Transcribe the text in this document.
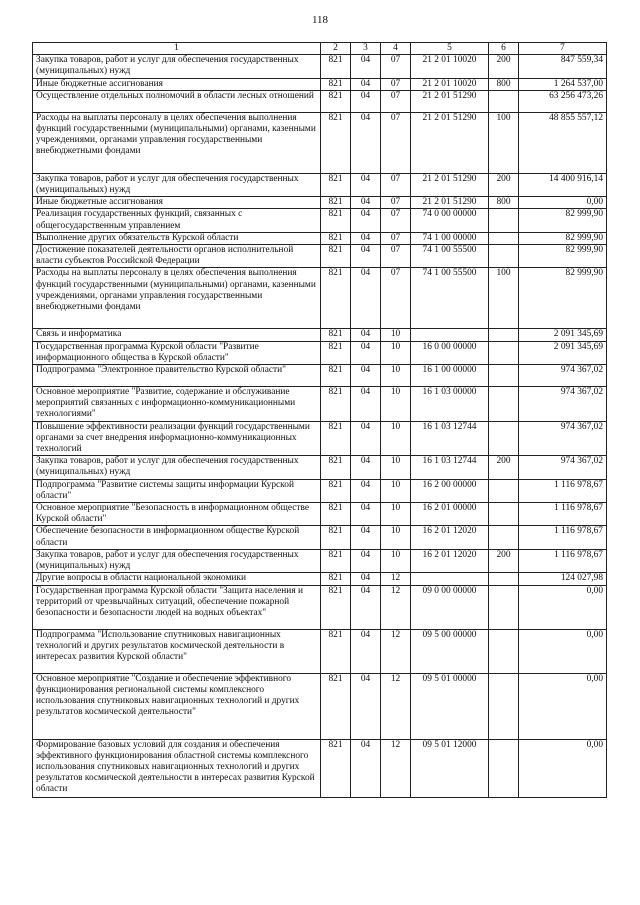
118
1	2	3	4	5	6	7
Закупка товаров, работ и услуг для обеспечения государственных (муниципальных) нужд	821	04	07	21 2 01 10020	200	847 559,34
Иные бюджетные ассигнования	821	04	07	21 2 01 10020	800	1 264 537,00
Осуществление отдельных полномочий в области лесных отношений	821	04	07	21 2 01 51290		63 256 473,26
Расходы на выплаты персоналу в целях обеспечения выполнения функций государственными (муниципальными) органами, казенными учреждениями, органами управления государственными внебюджетными фондами	821	04	07	21 2 01 51290	100	48 855 557,12
Закупка товаров, работ и услуг для обеспечения государственных (муниципальных) нужд	821	04	07	21 2 01 51290	200	14 400 916,14
Иные бюджетные ассигнования	821	04	07	21 2 01 51290	800	0,00
Реализация государственных функций, связанных с общегосударственным управлением	821	04	07	74 0 00 00000		82 999,90
Выполнение других обязательств Курской области	821	04	07	74 1 00 00000		82 999,90
Достижение показателей деятельности органов исполнительной власти субъектов Российской Федерации	821	04	07	74 1 00 55500		82 999,90
Расходы на выплаты персоналу в целях обеспечения выполнения функций государственными (муниципальными) органами, казенными учреждениями, органами управления государственными внебюджетными фондами	821	04	07	74 1 00 55500	100	82 999,90
Связь и информатика	821	04	10			2 091 345,69
Государственная программа Курской области "Развитие информационного общества в Курской области"	821	04	10	16 0 00 00000		2 091 345,69
Подпрограмма "Электронное правительство Курской области"	821	04	10	16 1 00 00000		974 367,02
Основное мероприятие "Развитие, содержание и обслуживание мероприятий связанных с информационно-коммуникационными технологиями"	821	04	10	16 1 03 00000		974 367,02
Повышение эффективности реализации функций государственными органами за счет внедрения информационно-коммуникационных технологий	821	04	10	16 1 03 12744		974 367,02
Закупка товаров, работ и услуг для обеспечения государственных (муниципальных) нужд	821	04	10	16 1 03 12744	200	974 367,02
Подпрограмма "Развитие системы защиты информации Курской области"	821	04	10	16 2 00 00000		1 116 978,67
Основное мероприятие "Безопасность в информационном обществе Курской области"	821	04	10	16 2 01 00000		1 116 978,67
Обеспечение безопасности в информационном обществе Курской области	821	04	10	16 2 01 12020		1 116 978,67
Закупка товаров, работ и услуг для обеспечения государственных (муниципальных) нужд	821	04	10	16 2 01 12020	200	1 116 978,67
Другие вопросы в области национальной экономики	821	04	12			124 027,98
Государственная программа Курской области "Защита населения и территорий от чрезвычайных ситуаций, обеспечение пожарной безопасности и безопасности людей на водных объектах"	821	04	12	09 0 00 00000		0,00
Подпрограмма "Использование спутниковых навигационных технологий и других результатов космической деятельности в интересах развития Курской области"	821	04	12	09 5 00 00000		0,00
Основное мероприятие "Создание и обеспечение эффективного функционирования региональной системы комплексного использования спутниковых навигационных технологий и других результатов космической деятельности"	821	04	12	09 5 01 00000		0,00
Формирование базовых условий для создания и обеспечения эффективного функционирования областной системы комплексного использования спутниковых навигационных технологий и других результатов космической деятельности в интересах развития Курской области	821	04	12	09 5 01 12000		0,00
